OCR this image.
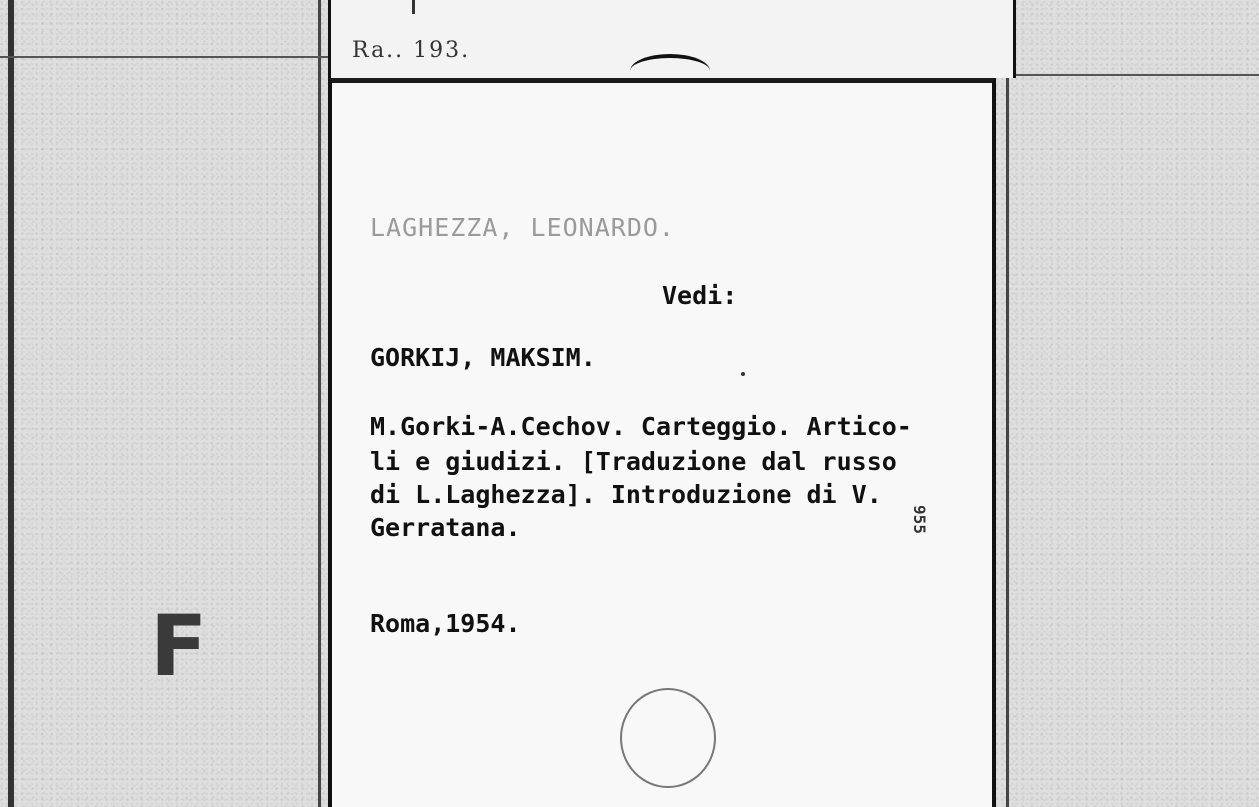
Ra.. 193.
F
LAGHEZZA, LEONARDO.
Vedi:
GORKIJ, MAKSIM.
M.Gorki-A.Cechov. Carteggio. Artico-
li e giudizi. [Traduzione dal russo
di L.Laghezza]. Introduzione di V.
Gerratana.	955
Roma,1954.
